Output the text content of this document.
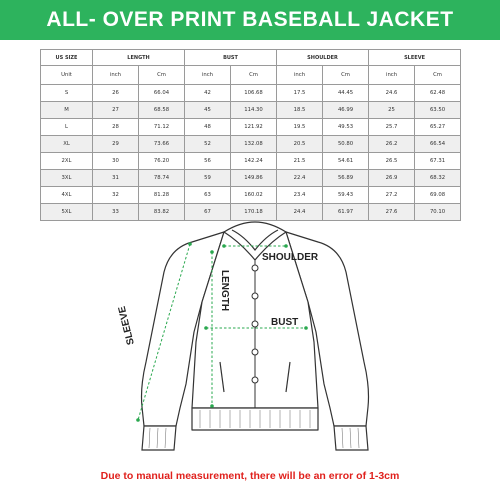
ALL- OVER PRINT BASEBALL JACKET
US SIZE	LENGTH		BUST		SHOULDER		SLEEVE	
Unit	inch	Cm	inch	Cm	inch	Cm	inch	Cm
S	26	66.04	42	106.68	17.5	44.45	24.6	62.48
M	27	68.58	45	114.30	18.5	46.99	25	63.50
L	28	71.12	48	121.92	19.5	49.53	25.7	65.27
XL	29	73.66	52	132.08	20.5	50.80	26.2	66.54
2XL	30	76.20	56	142.24	21.5	54.61	26.5	67.31
3XL	31	78.74	59	149.86	22.4	56.89	26.9	68.32
4XL	32	81.28	63	160.02	23.4	59.43	27.2	69.08
5XL	33	83.82	67	170.18	24.4	61.97	27.6	70.10
SHOULDER
BUST
LENGTH
SLEEVE
Due to manual measurement, there will be an error of 1-3cm
